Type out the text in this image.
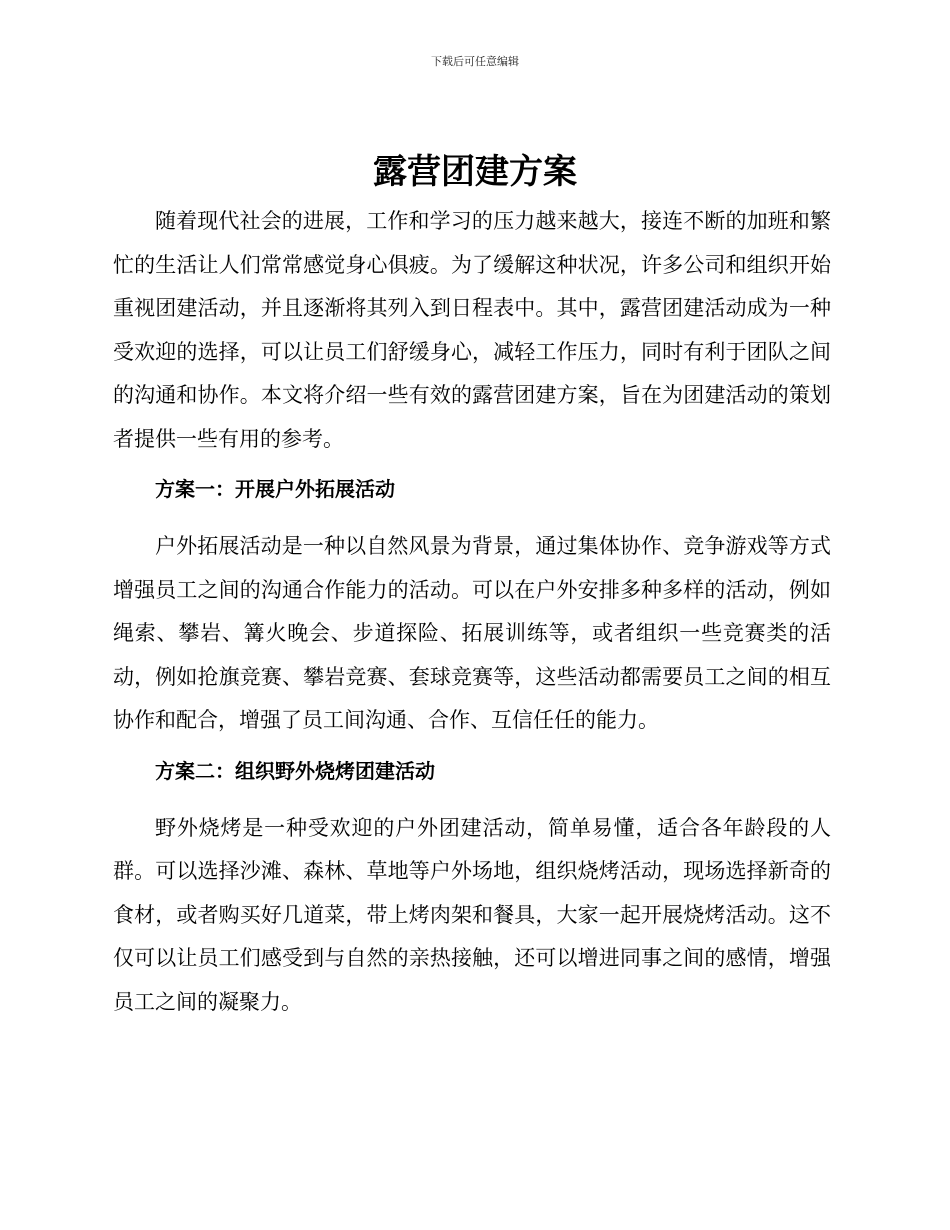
下载后可任意编辑
露营团建方案

随着现代社会的进展，工作和学习的压力越来越大，接连不断的加班和繁忙的生活让人们常常感觉身心俱疲。为了缓解这种状况，许多公司和组织开始重视团建活动，并且逐渐将其列入到日程表中。其中，露营团建活动成为一种受欢迎的选择，可以让员工们舒缓身心，减轻工作压力，同时有利于团队之间的沟通和协作。本文将介绍一些有效的露营团建方案，旨在为团建活动的策划者提供一些有用的参考。

方案一：开展户外拓展活动

户外拓展活动是一种以自然风景为背景，通过集体协作、竞争游戏等方式增强员工之间的沟通合作能力的活动。可以在户外安排多种多样的活动，例如绳索、攀岩、篝火晚会、步道探险、拓展训练等，或者组织一些竞赛类的活动，例如抢旗竞赛、攀岩竞赛、套球竞赛等，这些活动都需要员工之间的相互协作和配合，增强了员工间沟通、合作、互信任任的能力。

方案二：组织野外烧烤团建活动

野外烧烤是一种受欢迎的户外团建活动，简单易懂，适合各年龄段的人群。可以选择沙滩、森林、草地等户外场地，组织烧烤活动，现场选择新奇的食材，或者购买好几道菜，带上烤肉架和餐具，大家一起开展烧烤活动。这不仅可以让员工们感受到与自然的亲热接触，还可以增进同事之间的感情，增强员工之间的凝聚力。
